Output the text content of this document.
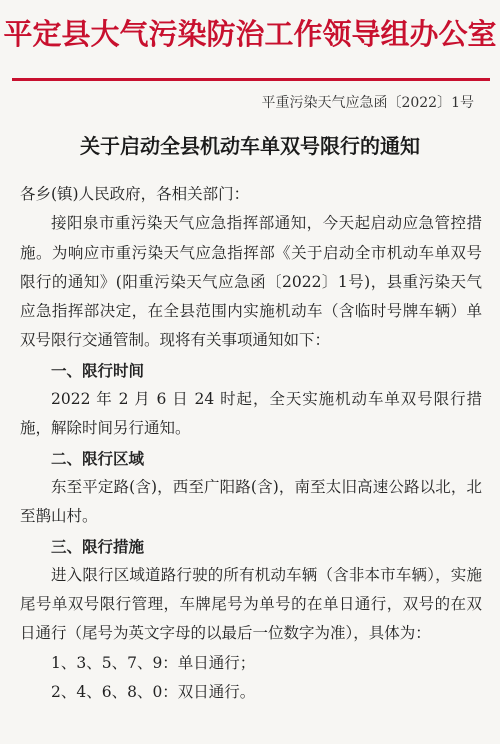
平定县大气污染防治工作领导组办公室
平重污染天气应急函〔2022〕1号
关于启动全县机动车单双号限行的通知

各乡(镇)人民政府，各相关部门：

接阳泉市重污染天气应急指挥部通知，今天起启动应急管控措施。为响应市重污染天气应急指挥部《关于启动全市机动车单双号限行的通知》(阳重污染天气应急函〔2022〕1号)，县重污染天气应急指挥部决定，在全县范围内实施机动车（含临时号牌车辆）单双号限行交通管制。现将有关事项通知如下：

一、限行时间

2022 年 2 月 6 日 24 时起，全天实施机动车单双号限行措施，解除时间另行通知。

二、限行区域

东至平定路(含)，西至广阳路(含)，南至太旧高速公路以北，北至鹊山村。

三、限行措施

进入限行区域道路行驶的所有机动车辆（含非本市车辆），实施尾号单双号限行管理，车牌尾号为单号的在单日通行，双号的在双日通行（尾号为英文字母的以最后一位数字为准），具体为：

1、3、5、7、9：单日通行；

2、4、6、8、0：双日通行。
